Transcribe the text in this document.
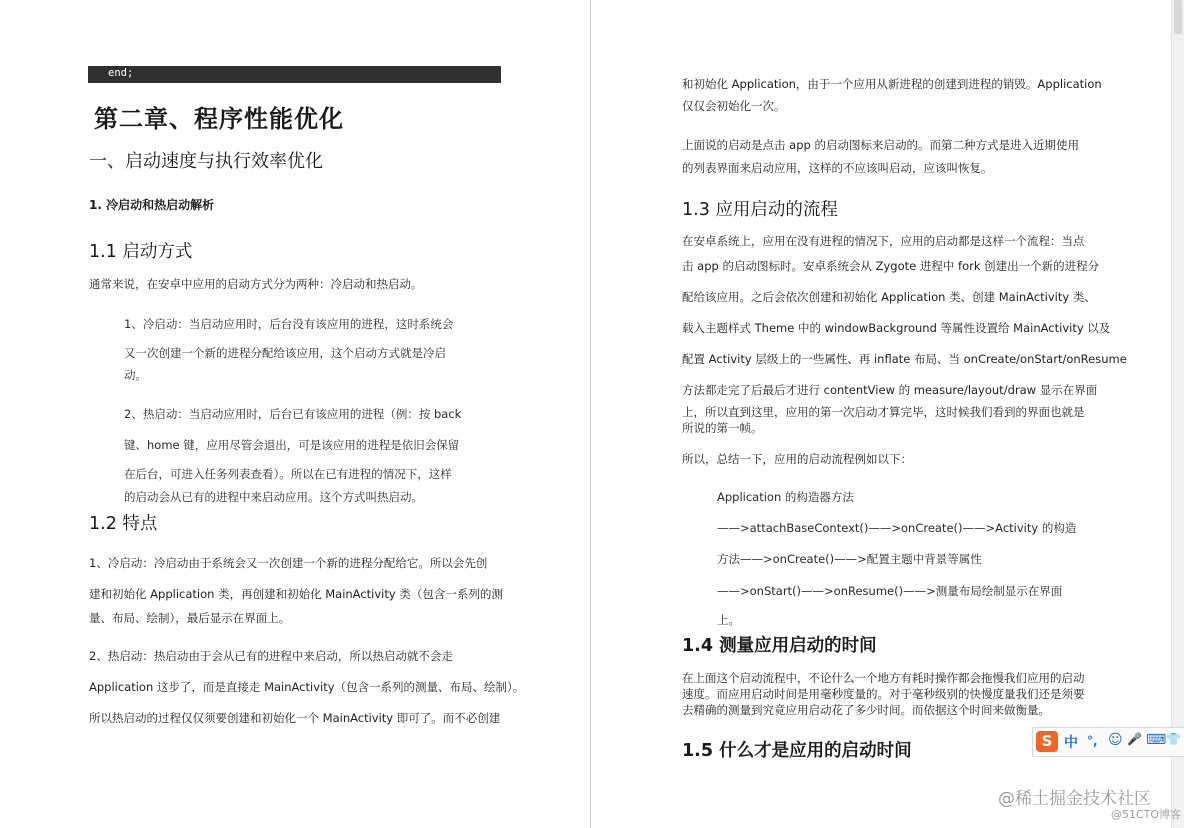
end;
第二章、程序性能优化
一、启动速度与执行效率优化
1. 冷启动和热启动解析
1.1 启动方式
通常来说，在安卓中应用的启动方式分为两种：冷启动和热启动。
1、冷启动：当启动应用时，后台没有该应用的进程，这时系统会
又一次创建一个新的进程分配给该应用，这个启动方式就是冷启
动。
2、热启动：当启动应用时，后台已有该应用的进程（例：按 back
键、home 键，应用尽管会退出，可是该应用的进程是依旧会保留
在后台，可进入任务列表查看）。所以在已有进程的情况下，这样
的启动会从已有的进程中来启动应用。这个方式叫热启动。
1.2 特点
1、冷启动：冷启动由于系统会又一次创建一个新的进程分配给它。所以会先创
建和初始化 Application 类，再创建和初始化 MainActivity 类（包含一系列的测
量、布局、绘制），最后显示在界面上。
2、热启动：热启动由于会从已有的进程中来启动，所以热启动就不会走
Application 这步了，而是直接走 MainActivity（包含一系列的测量、布局、绘制）。
所以热启动的过程仅仅须要创建和初始化一个 MainActivity 即可了。而不必创建
和初始化 Application，由于一个应用从新进程的创建到进程的销毁。Application
仅仅会初始化一次。
上面说的启动是点击 app 的启动图标来启动的。而第二种方式是进入近期使用
的列表界面来启动应用，这样的不应该叫启动，应该叫恢复。
1.3 应用启动的流程
在安卓系统上，应用在没有进程的情况下，应用的启动都是这样一个流程：当点
击 app 的启动图标时。安卓系统会从 Zygote 进程中 fork 创建出一个新的进程分
配给该应用。之后会依次创建和初始化 Application 类、创建 MainActivity 类、
载入主题样式 Theme 中的 windowBackground 等属性设置给 MainActivity 以及
配置 Activity 层级上的一些属性、再 inflate 布局、当 onCreate/onStart/onResume
方法都走完了后最后才进行 contentView 的 measure/layout/draw 显示在界面
上，所以直到这里，应用的第一次启动才算完毕，这时候我们看到的界面也就是
所说的第一帧。
所以，总结一下，应用的启动流程例如以下：
Application 的构造器方法
——>attachBaseContext()——>onCreate()——>Activity 的构造
方法——>onCreate()——>配置主题中背景等属性
——>onStart()——>onResume()——>测量布局绘制显示在界面
上。
1.4 测量应用启动的时间
在上面这个启动流程中，不论什么一个地方有耗时操作都会拖慢我们应用的启动
速度。而应用启动时间是用毫秒度量的。对于毫秒级别的快慢度量我们还是须要
去精确的测量到究竟应用启动花了多少时间。而依据这个时间来做衡量。
1.5 什么才是应用的启动时间	S 中 °, ☺ 🎤 ⌨ 👕
@稀土掘金技术社区
@51CTO博客
